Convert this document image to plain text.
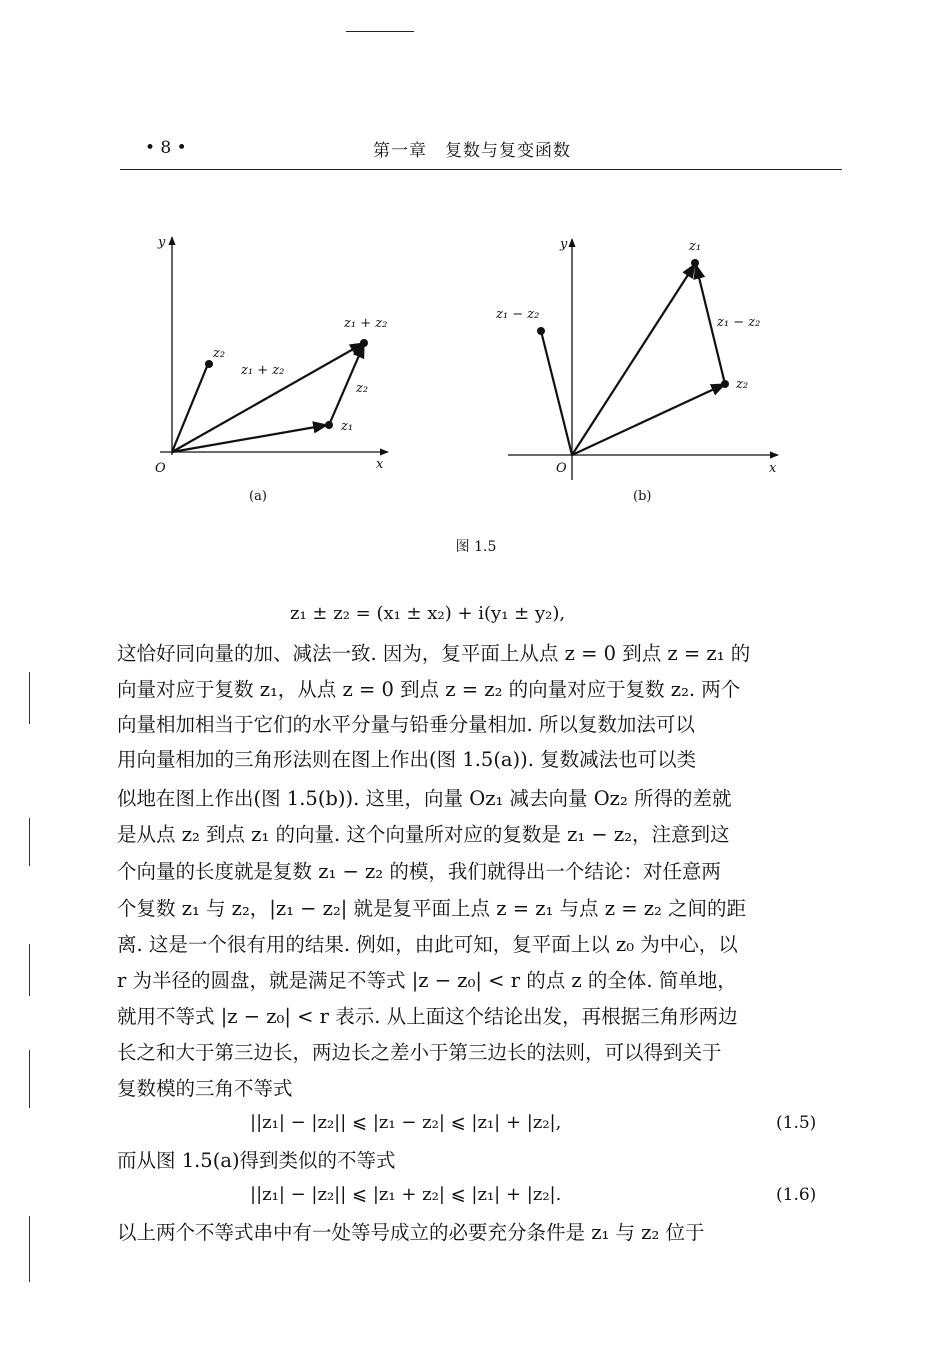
• 8 •	第一章　复数与复变函数
y
x
O
z₂
z₁
z₂
z₁ + z₂
z₁ + z₂
(a)
y
x
O
z₁
z₂
z₁ − z₂
z₁ − z₂
(b)
图 1.5
z₁ ± z₂ = (x₁ ± x₂) + i(y₁ ± y₂),
这恰好同向量的加、减法一致. 因为，复平面上从点 z = 0 到点 z = z₁ 的
向量对应于复数 z₁，从点 z = 0 到点 z = z₂ 的向量对应于复数 z₂. 两个
向量相加相当于它们的水平分量与铅垂分量相加. 所以复数加法可以
用向量相加的三角形法则在图上作出(图 1.5(a)). 复数减法也可以类
似地在图上作出(图 1.5(b)). 这里，向量 Oz₁ 减去向量 Oz₂ 所得的差就
是从点 z₂ 到点 z₁ 的向量. 这个向量所对应的复数是 z₁ − z₂，注意到这
个向量的长度就是复数 z₁ − z₂ 的模，我们就得出一个结论：对任意两
个复数 z₁ 与 z₂，|z₁ − z₂| 就是复平面上点 z = z₁ 与点 z = z₂ 之间的距
离. 这是一个很有用的结果. 例如，由此可知，复平面上以 z₀ 为中心，以
r 为半径的圆盘，就是满足不等式 |z − z₀| < r 的点 z 的全体. 简单地，
就用不等式 |z − z₀| < r 表示. 从上面这个结论出发，再根据三角形两边
长之和大于第三边长，两边长之差小于第三边长的法则，可以得到关于
复数模的三角不等式
||z₁| − |z₂|| ⩽ |z₁ − z₂| ⩽ |z₁| + |z₂|,	(1.5)
而从图 1.5(a)得到类似的不等式
||z₁| − |z₂|| ⩽ |z₁ + z₂| ⩽ |z₁| + |z₂|.	(1.6)
以上两个不等式串中有一处等号成立的必要充分条件是 z₁ 与 z₂ 位于
